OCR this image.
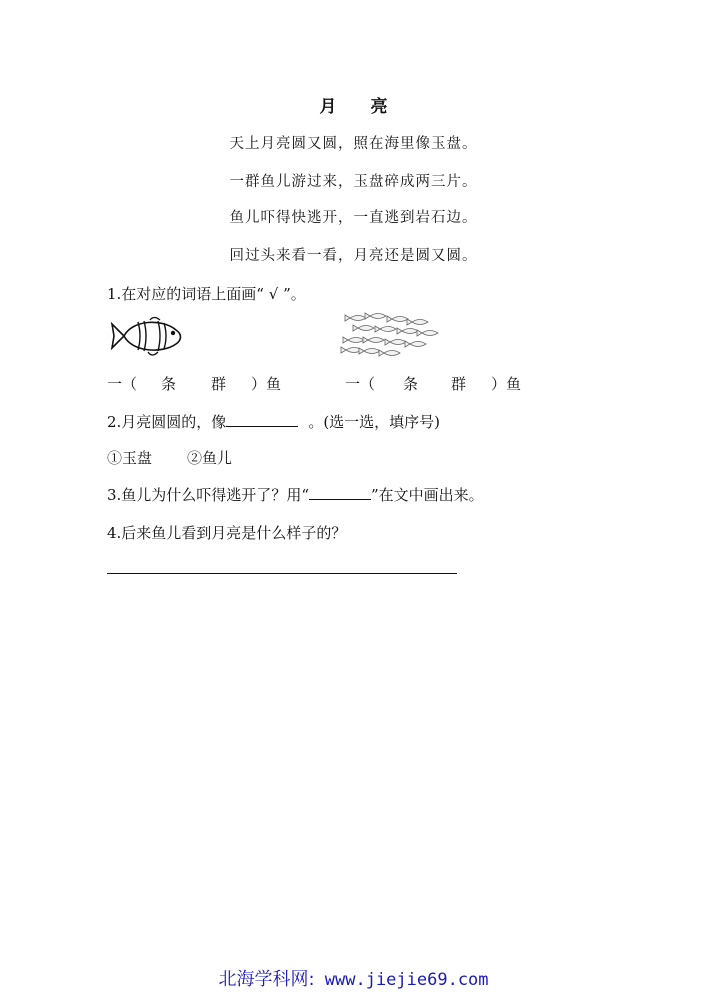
月 亮
天上月亮圆又圆，照在海里像玉盘。
一群鱼儿游过来，玉盘碎成两三片。
鱼儿吓得快逃开，一直逃到岩石边。
回过头来看一看，月亮还是圆又圆。
1.在对应的词语上面画“ √ ”。
一（ 条 群 ）鱼	一（ 条 群 ）鱼
2.月亮圆圆的，像	。(选一选，填序号)
①玉盘 ②鱼儿
3.鱼儿为什么吓得逃开了？用“	”在文中画出来。
4.后来鱼儿看到月亮是什么样子的？
北海学科网: www.jiejie69.com
